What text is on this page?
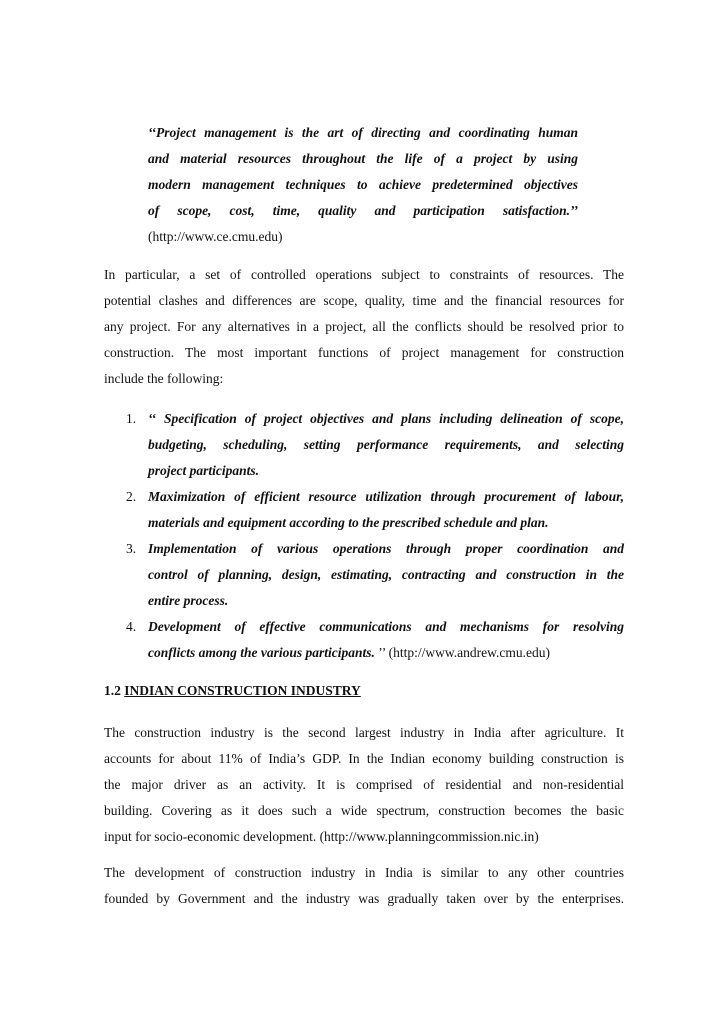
‘‘Project management is the art of directing and coordinating human
and material resources throughout the life of a project by using
modern management techniques to achieve predetermined objectives
of scope, cost, time, quality and participation satisfaction.’’
(http://www.ce.cmu.edu)
In particular, a set of controlled operations subject to constraints of resources. The
potential clashes and differences are scope, quality, time and the financial resources for
any project. For any alternatives in a project, all the conflicts should be resolved prior to
construction. The most important functions of project management for construction
include the following:
1. ‘‘ Specification of project objectives and plans including delineation of scope,
budgeting, scheduling, setting performance requirements, and selecting
project participants.
2. Maximization of efficient resource utilization through procurement of labour,
materials and equipment according to the prescribed schedule and plan.
3. Implementation of various operations through proper coordination and
control of planning, design, estimating, contracting and construction in the
entire process.
4. Development of effective communications and mechanisms for resolving
conflicts among the various participants. ’’ (http://www.andrew.cmu.edu)
1.2 INDIAN CONSTRUCTION INDUSTRY
The construction industry is the second largest industry in India after agriculture. It
accounts for about 11% of India’s GDP. In the Indian economy building construction is
the major driver as an activity. It is comprised of residential and non-residential
building. Covering as it does such a wide spectrum, construction becomes the basic
input for socio-economic development. (http://www.planningcommission.nic.in)
The development of construction industry in India is similar to any other countries
founded by Government and the industry was gradually taken over by the enterprises.
